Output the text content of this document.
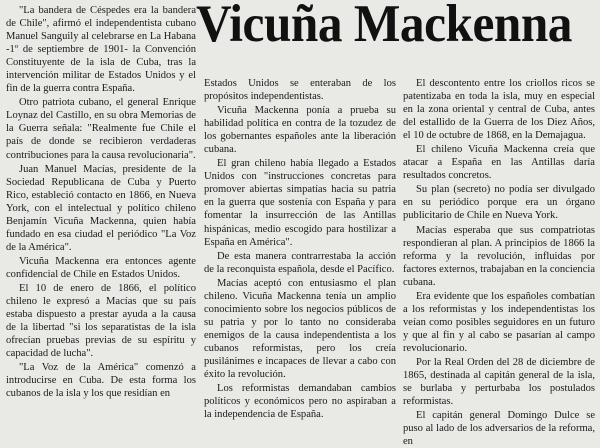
Vicuña Mackenna

"La bandera de Céspedes era la bandera de Chile", afirmó el independentista cubano Manuel Sanguily al celebrarse en La Habana -1º de septiembre de 1901- la Convención Constituyente de la isla de Cuba, tras la intervención militar de Estados Unidos y el fin de la guerra contra España.

Otro patriota cubano, el general Enrique Loynaz del Castillo, en su obra Memorias de la Guerra señala: "Realmente fue Chile el país de donde se recibieron verdaderas contribuciones para la causa revolucionaria".

Juan Manuel Macías, presidente de la Sociedad Republicana de Cuba y Puerto Rico, estableció contacto en 1866, en Nueva York, con el intelectual y político chileno Benjamín Vicuña Mackenna, quien había fundado en esa ciudad el periódico "La Voz de la América".

Vicuña Mackenna era entonces agente confidencial de Chile en Estados Unidos.

El 10 de enero de 1866, el político chileno le expresó a Macías que su país estaba dispuesto a prestar ayuda a la causa de la libertad "si los separatistas de la isla ofrecían pruebas previas de su espíritu y capacidad de lucha".

"La Voz de la América" comenzó a introducirse en Cuba. De esta forma los cubanos de la isla y los que residían en

Estados Unidos se enteraban de los propósitos independentistas.

Vicuña Mackenna ponía a prueba su habilidad política en contra de la tozudez de los gobernantes españoles ante la liberación cubana.

El gran chileno había llegado a Estados Unidos con "instrucciones concretas para promover abiertas simpatías hacia su patria en la guerra que sostenía con España y para fomentar la insurrección de las Antillas hispánicas, medio escogido para hostilizar a España en América".

De esta manera contrarrestaba la acción de la reconquista española, desde el Pacífico.

Macías aceptó con entusiasmo el plan chileno. Vicuña Mackenna tenía un amplio conocimiento sobre los negocios públicos de su patria y por lo tanto no consideraba enemigos de la causa independentista a los cubanos reformistas, pero los creía pusilánimes e incapaces de llevar a cabo con éxito la revolución.

Los reformistas demandaban cambios políticos y económicos pero no aspiraban a la independencia de España.

El descontento entre los criollos ricos se patentizaba en toda la isla, muy en especial en la zona oriental y central de Cuba, antes del estallido de la Guerra de los Diez Años, el 10 de octubre de 1868, en la Demajagua.

El chileno Vicuña Mackenna creía que atacar a España en las Antillas daría resultados concretos.

Su plan (secreto) no podía ser divulgado en su periódico porque era un órgano publicitario de Chile en Nueva York.

Macías esperaba que sus compatriotas respondieran al plan. A principios de 1866 la reforma y la revolución, influidas por factores externos, trabajaban en la conciencia cubana.

Era evidente que los españoles combatían a los reformistas y los independentistas los veían como posibles seguidores en un futuro y que al fin y al cabo se pasarían al campo revolucionario.

Por la Real Orden del 28 de diciembre de 1865, destinada al capitán general de la isla, se burlaba y perturbaba los postulados reformistas.

El capitán general Domingo Dulce se puso al lado de los adversarios de la reforma, en
